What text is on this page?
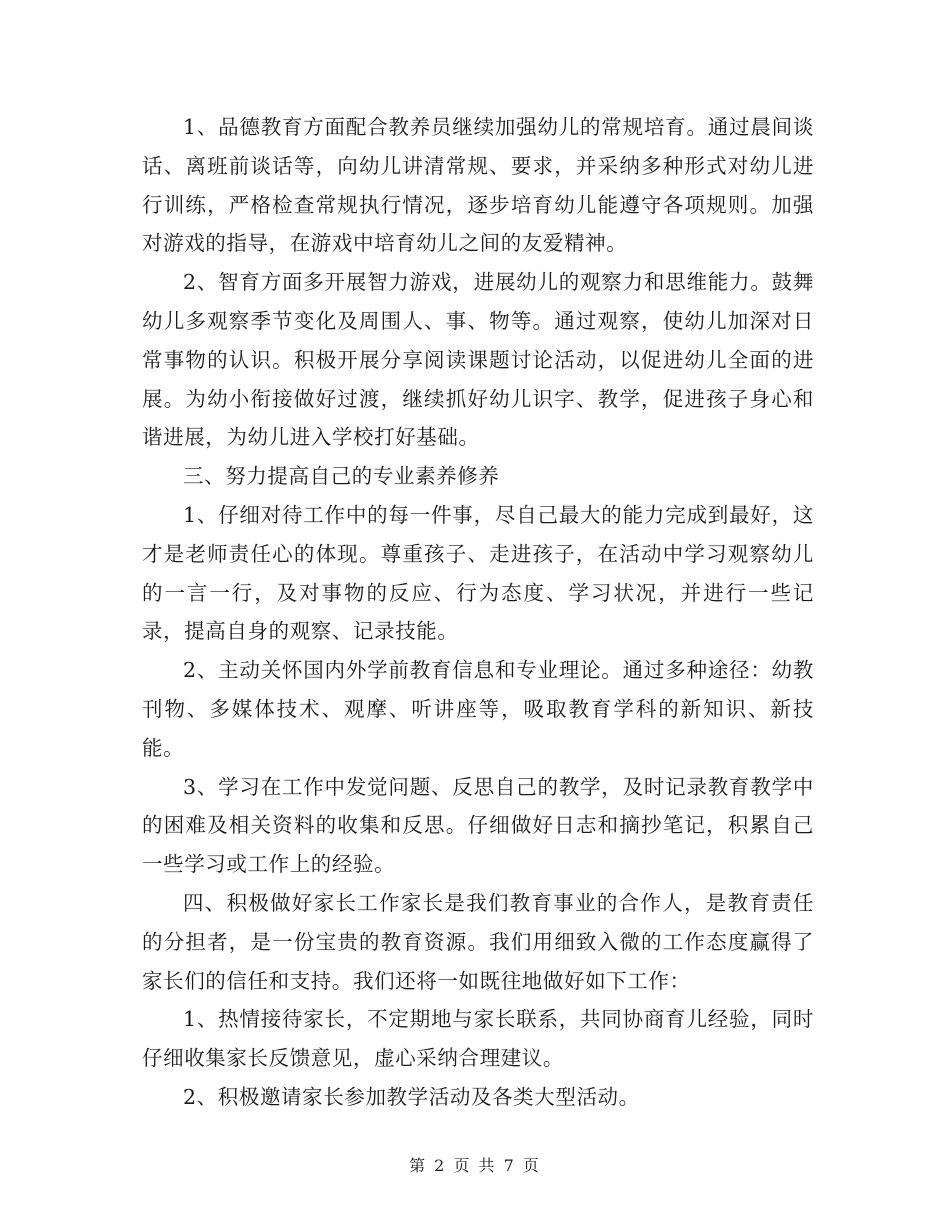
1、品德教育方面配合教养员继续加强幼儿的常规培育。通过晨间谈话、离班前谈话等，向幼儿讲清常规、要求，并采纳多种形式对幼儿进行训练，严格检查常规执行情况，逐步培育幼儿能遵守各项规则。加强对游戏的指导，在游戏中培育幼儿之间的友爱精神。

2、智育方面多开展智力游戏，进展幼儿的观察力和思维能力。鼓舞幼儿多观察季节变化及周围人、事、物等。通过观察，使幼儿加深对日常事物的认识。积极开展分享阅读课题讨论活动，以促进幼儿全面的进展。为幼小衔接做好过渡，继续抓好幼儿识字、教学，促进孩子身心和谐进展，为幼儿进入学校打好基础。

三、努力提高自己的专业素养修养

1、仔细对待工作中的每一件事，尽自己最大的能力完成到最好，这才是老师责任心的体现。尊重孩子、走进孩子，在活动中学习观察幼儿的一言一行，及对事物的反应、行为态度、学习状况，并进行一些记录，提高自身的观察、记录技能。

2、主动关怀国内外学前教育信息和专业理论。通过多种途径：幼教刊物、多媒体技术、观摩、听讲座等，吸取教育学科的新知识、新技能。

3、学习在工作中发觉问题、反思自己的教学，及时记录教育教学中的困难及相关资料的收集和反思。仔细做好日志和摘抄笔记，积累自己一些学习或工作上的经验。

四、积极做好家长工作家长是我们教育事业的合作人，是教育责任的分担者，是一份宝贵的教育资源。我们用细致入微的工作态度赢得了家长们的信任和支持。我们还将一如既往地做好如下工作：

1、热情接待家长，不定期地与家长联系，共同协商育儿经验，同时仔细收集家长反馈意见，虚心采纳合理建议。

2、积极邀请家长参加教学活动及各类大型活动。

第 2 页 共 7 页
